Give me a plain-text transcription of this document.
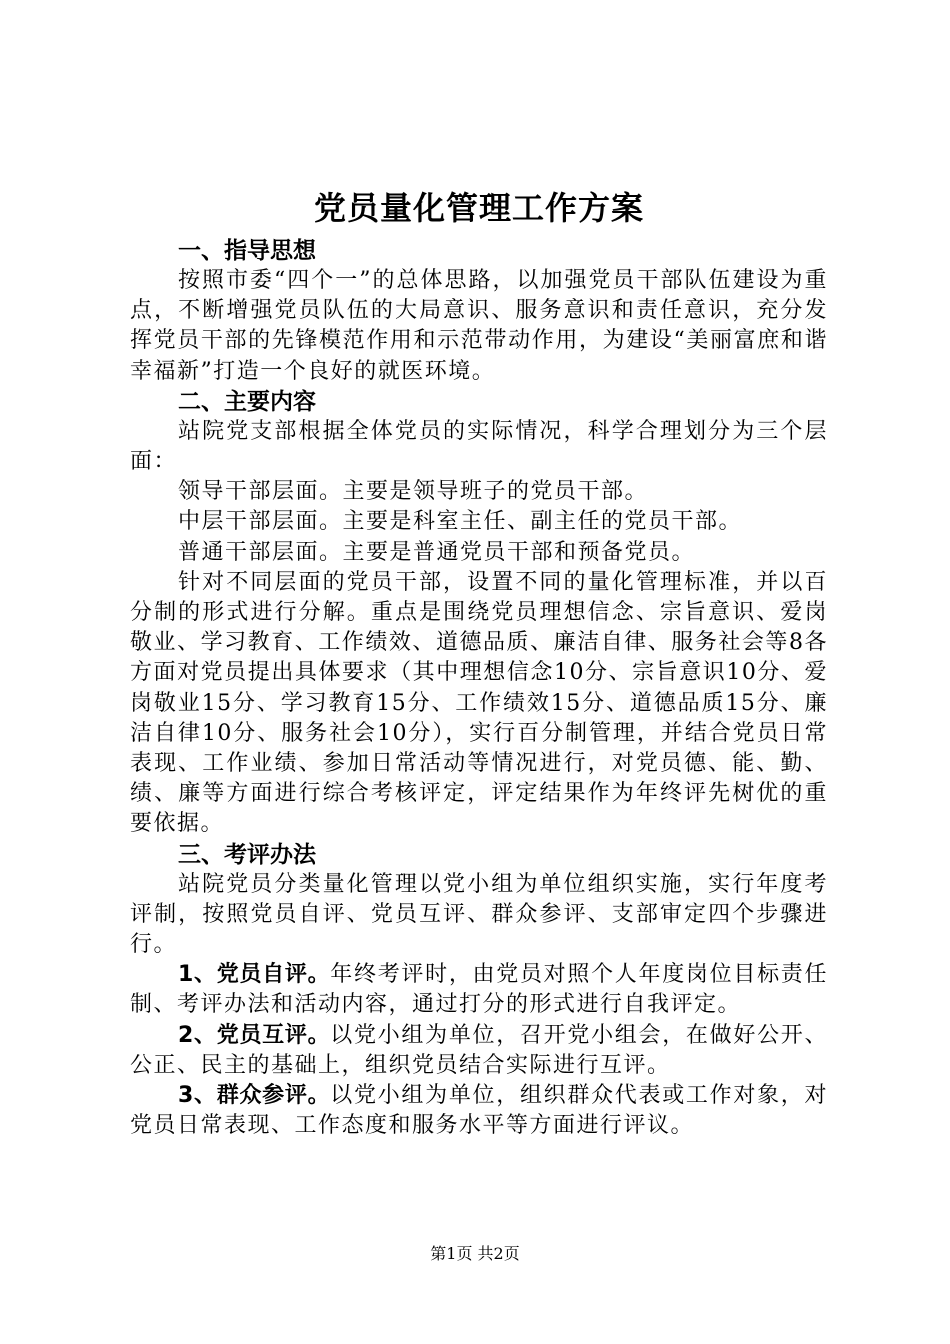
党员量化管理工作方案

一、指导思想

按照市委“四个一”的总体思路，以加强党员干部队伍建设为重点，不断增强党员队伍的大局意识、服务意识和责任意识，充分发挥党员干部的先锋模范作用和示范带动作用，为建设“美丽富庶和谐幸福新”打造一个良好的就医环境。

二、主要内容

站院党支部根据全体党员的实际情况，科学合理划分为三个层面：

领导干部层面。主要是领导班子的党员干部。

中层干部层面。主要是科室主任、副主任的党员干部。

普通干部层面。主要是普通党员干部和预备党员。

针对不同层面的党员干部，设置不同的量化管理标准，并以百分制的形式进行分解。重点是围绕党员理想信念、宗旨意识、爱岗敬业、学习教育、工作绩效、道德品质、廉洁自律、服务社会等8各方面对党员提出具体要求（其中理想信念10分、宗旨意识10分、爱岗敬业15分、学习教育15分、工作绩效15分、道德品质15分、廉洁自律10分、服务社会10分），实行百分制管理，并结合党员日常表现、工作业绩、参加日常活动等情况进行，对党员德、能、勤、绩、廉等方面进行综合考核评定，评定结果作为年终评先树优的重要依据。

三、考评办法

站院党员分类量化管理以党小组为单位组织实施，实行年度考评制，按照党员自评、党员互评、群众参评、支部审定四个步骤进行。

1、党员自评。年终考评时，由党员对照个人年度岗位目标责任制、考评办法和活动内容，通过打分的形式进行自我评定。

2、党员互评。以党小组为单位，召开党小组会，在做好公开、公正、民主的基础上，组织党员结合实际进行互评。

3、群众参评。以党小组为单位，组织群众代表或工作对象，对党员日常表现、工作态度和服务水平等方面进行评议。

第1页 共2页
